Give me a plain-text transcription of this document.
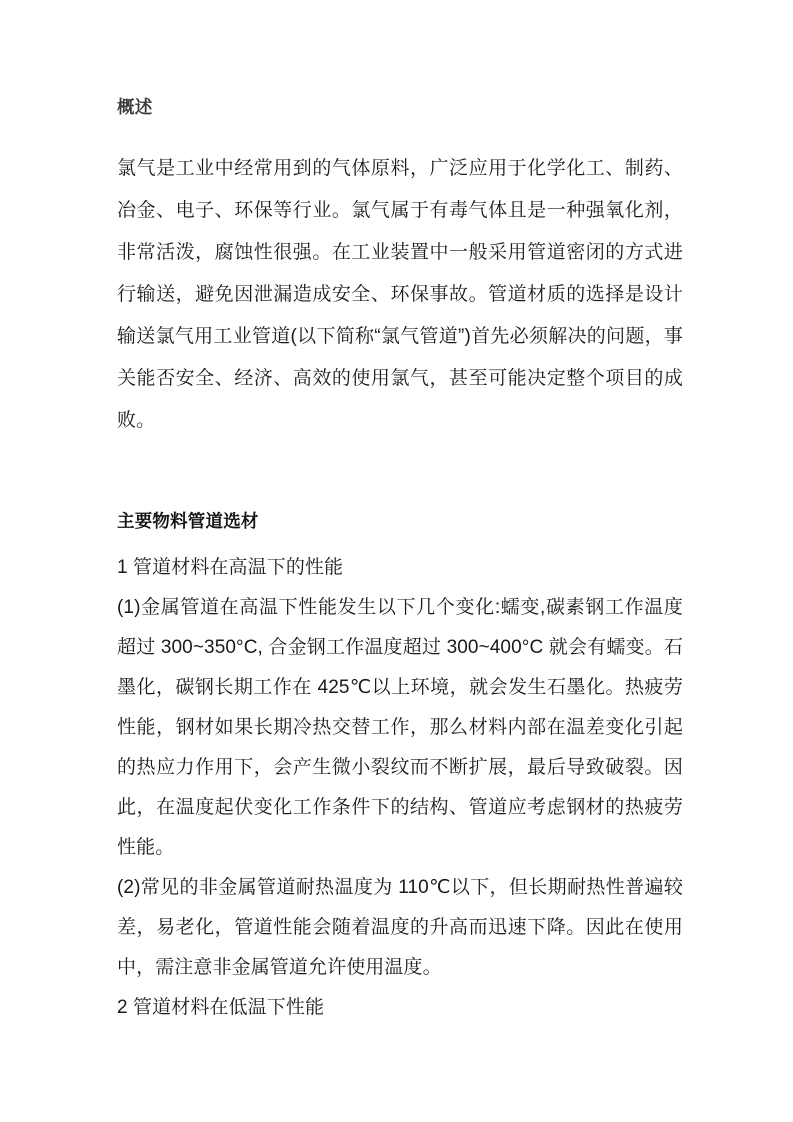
概述

氯气是工业中经常用到的气体原料，广泛应用于化学化工、制药、冶金、电子、环保等行业。氯气属于有毒气体且是一种强氧化剂，非常活泼，腐蚀性很强。在工业装置中一般采用管道密闭的方式进行输送，避免因泄漏造成安全、环保事故。管道材质的选择是设计输送氯气用工业管道(以下简称“氯气管道”)首先必须解决的问题，事关能否安全、经济、高效的使用氯气，甚至可能决定整个项目的成败。

主要物料管道选材

1 管道材料在高温下的性能

(1)金属管道在高温下性能发生以下几个变化:蠕变,碳素钢工作温度超过 300~350°C, 合金钢工作温度超过 300~400°C 就会有蠕变。石墨化，碳钢长期工作在 425℃以上环境，就会发生石墨化。热疲劳性能，钢材如果长期冷热交替工作，那么材料内部在温差变化引起的热应力作用下，会产生微小裂纹而不断扩展，最后导致破裂。因此，在温度起伏变化工作条件下的结构、管道应考虑钢材的热疲劳性能。

(2)常见的非金属管道耐热温度为 110℃以下，但长期耐热性普遍较差，易老化，管道性能会随着温度的升高而迅速下降。因此在使用中，需注意非金属管道允许使用温度。

2 管道材料在低温下性能
